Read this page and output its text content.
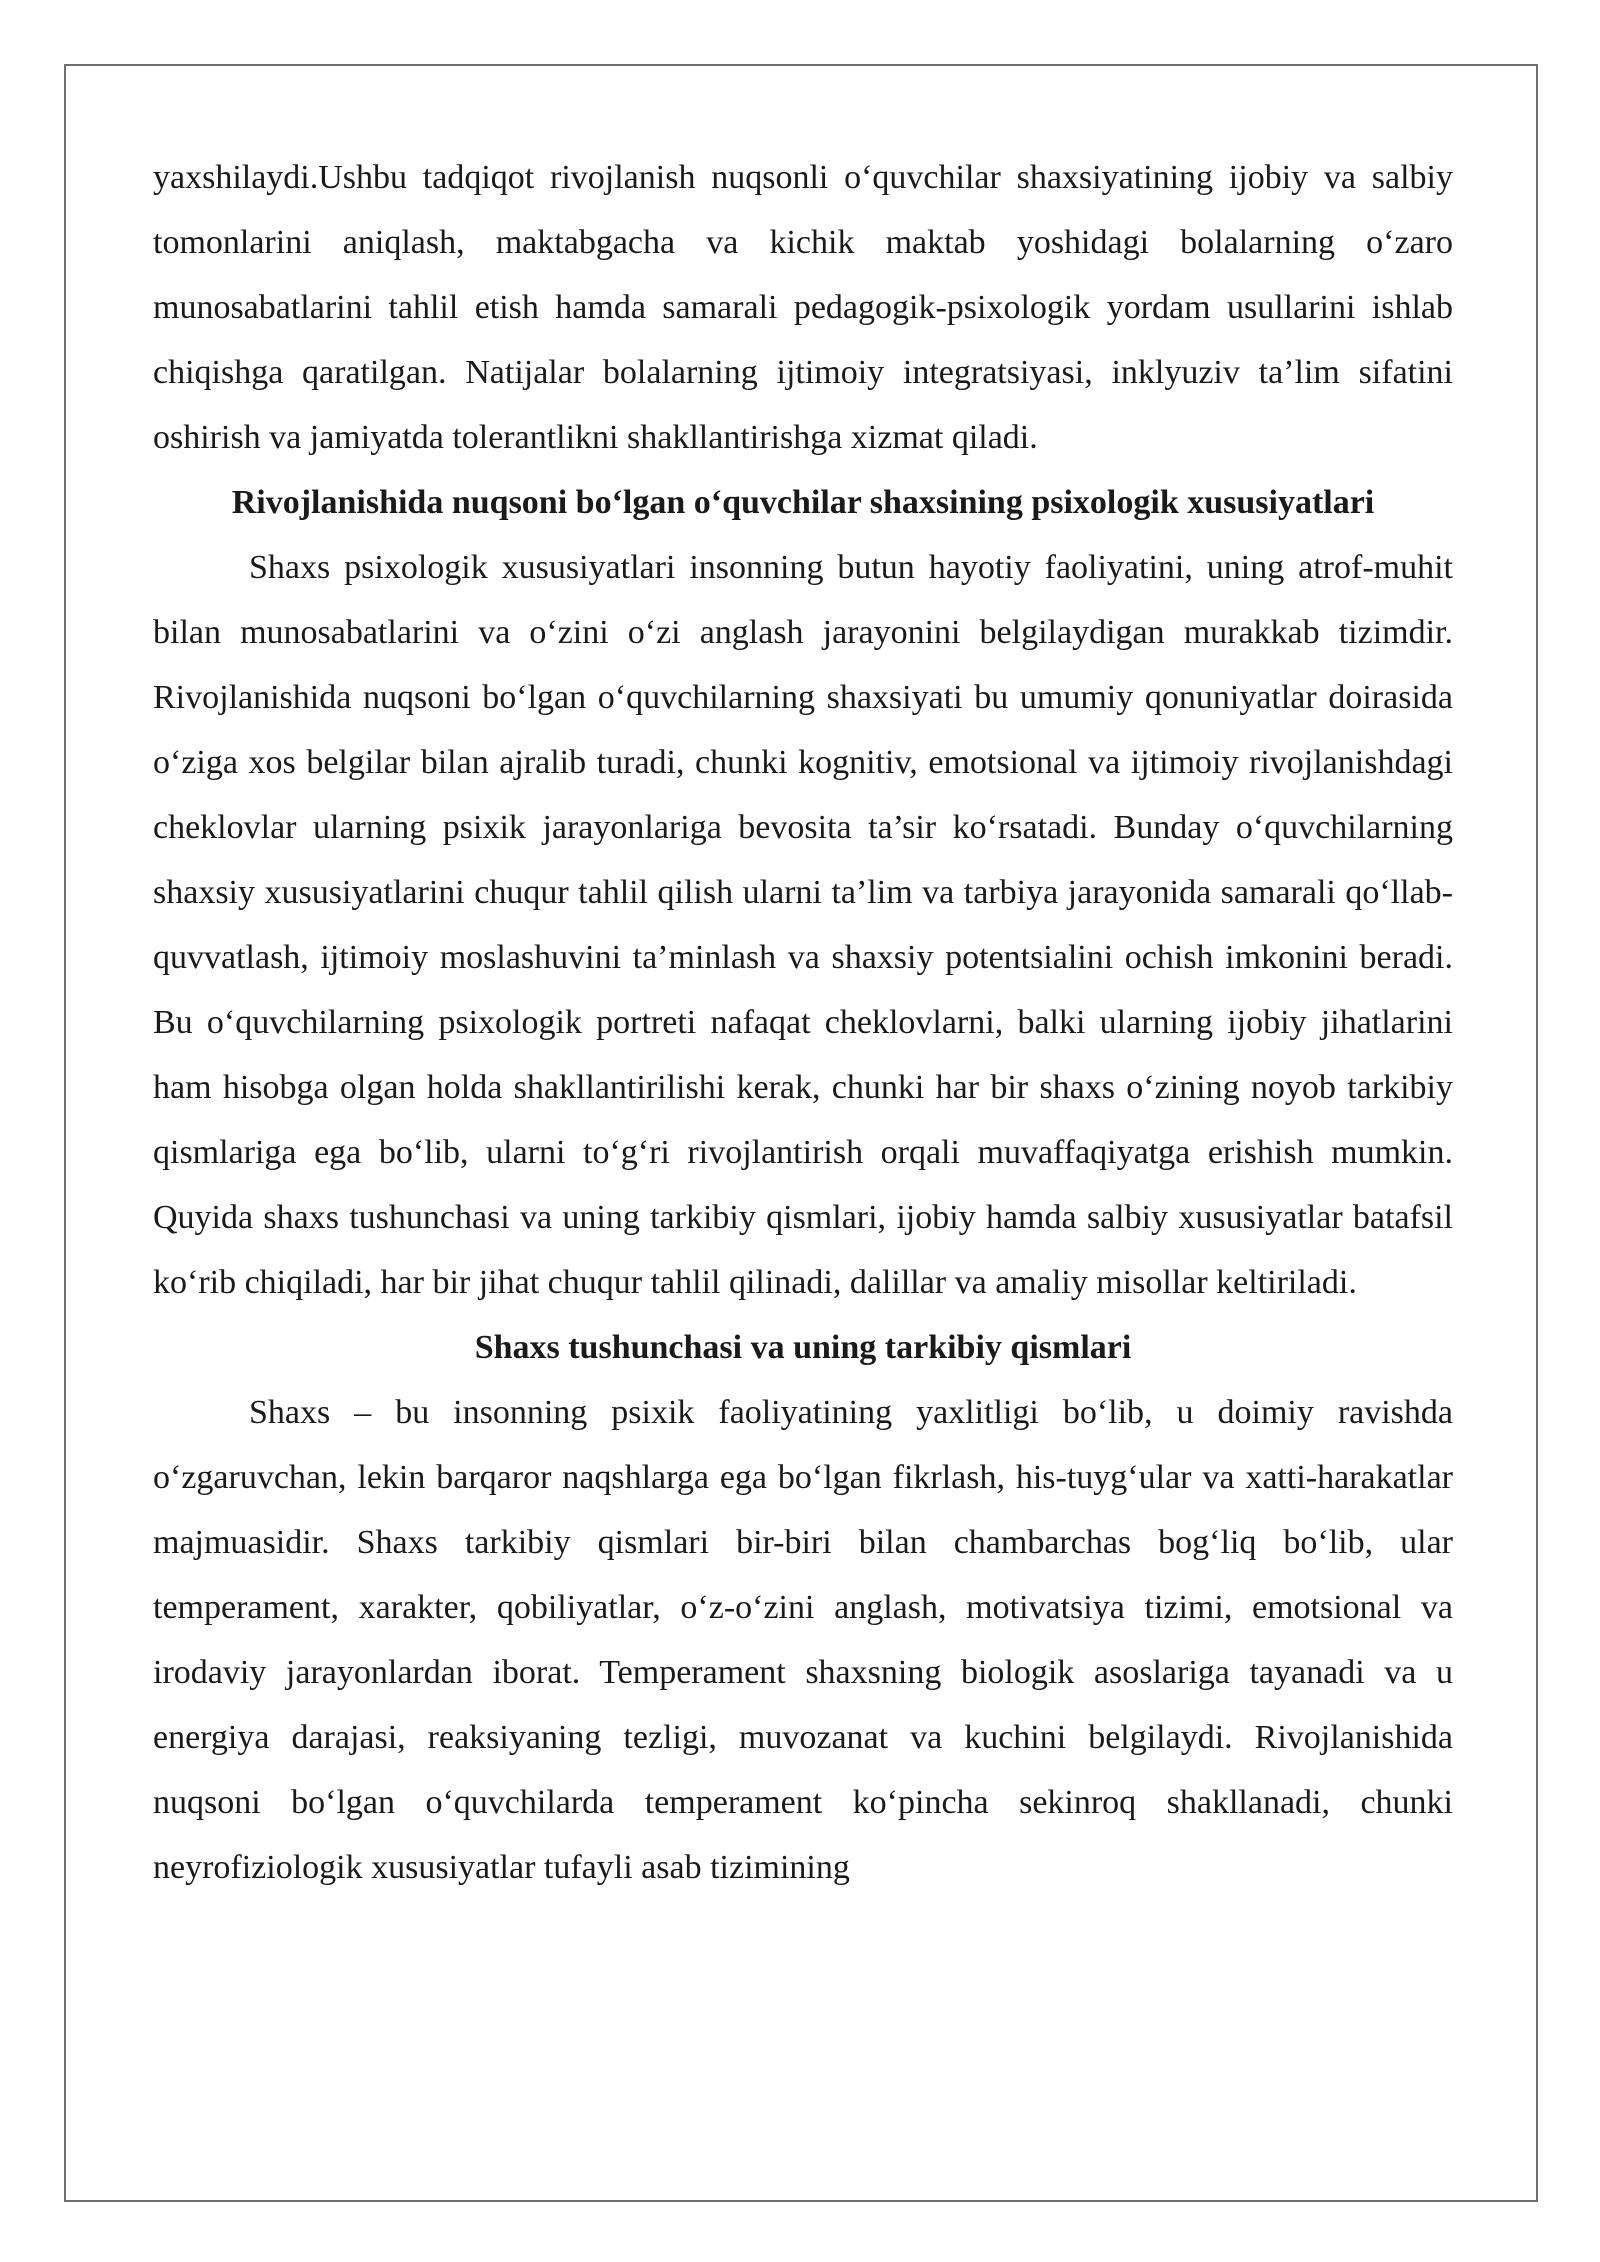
yaxshilaydi.Ushbu tadqiqot rivojlanish nuqsonli o‘quvchilar shaxsiyatining ijobiy va salbiy tomonlarini aniqlash, maktabgacha va kichik maktab yoshidagi bolalarning o‘zaro munosabatlarini tahlil etish hamda samarali pedagogik-psixologik yordam usullarini ishlab chiqishga qaratilgan. Natijalar bolalarning ijtimoiy integratsiyasi, inklyuziv ta’lim sifatini oshirish va jamiyatda tolerantlikni shakllantirishga xizmat qiladi.

Rivojlanishida nuqsoni bo‘lgan o‘quvchilar shaxsining psixologik xususiyatlari

Shaxs psixologik xususiyatlari insonning butun hayotiy faoliyatini, uning atrof-muhit bilan munosabatlarini va o‘zini o‘zi anglash jarayonini belgilaydigan murakkab tizimdir. Rivojlanishida nuqsoni bo‘lgan o‘quvchilarning shaxsiyati bu umumiy qonuniyatlar doirasida o‘ziga xos belgilar bilan ajralib turadi, chunki kognitiv, emotsional va ijtimoiy rivojlanishdagi cheklovlar ularning psixik jarayonlariga bevosita ta’sir ko‘rsatadi. Bunday o‘quvchilarning shaxsiy xususiyatlarini chuqur tahlil qilish ularni ta’lim va tarbiya jarayonida samarali qo‘llab-quvvatlash, ijtimoiy moslashuvini ta’minlash va shaxsiy potentsialini ochish imkonini beradi. Bu o‘quvchilarning psixologik portreti nafaqat cheklovlarni, balki ularning ijobiy jihatlarini ham hisobga olgan holda shakllantirilishi kerak, chunki har bir shaxs o‘zining noyob tarkibiy qismlariga ega bo‘lib, ularni to‘g‘ri rivojlantirish orqali muvaffaqiyatga erishish mumkin. Quyida shaxs tushunchasi va uning tarkibiy qismlari, ijobiy hamda salbiy xususiyatlar batafsil ko‘rib chiqiladi, har bir jihat chuqur tahlil qilinadi, dalillar va amaliy misollar keltiriladi.

Shaxs tushunchasi va uning tarkibiy qismlari

Shaxs – bu insonning psixik faoliyatining yaxlitligi bo‘lib, u doimiy ravishda o‘zgaruvchan, lekin barqaror naqshlarga ega bo‘lgan fikrlash, his-tuyg‘ular va xatti-harakatlar majmuasidir. Shaxs tarkibiy qismlari bir-biri bilan chambarchas bog‘liq bo‘lib, ular temperament, xarakter, qobiliyatlar, o‘z-o‘zini anglash, motivatsiya tizimi, emotsional va irodaviy jarayonlardan iborat. Temperament shaxsning biologik asoslariga tayanadi va u energiya darajasi, reaksiyaning tezligi, muvozanat va kuchini belgilaydi. Rivojlanishida nuqsoni bo‘lgan o‘quvchilarda temperament ko‘pincha sekinroq shakllanadi, chunki neyrofiziologik xususiyatlar tufayli asab tizimining
